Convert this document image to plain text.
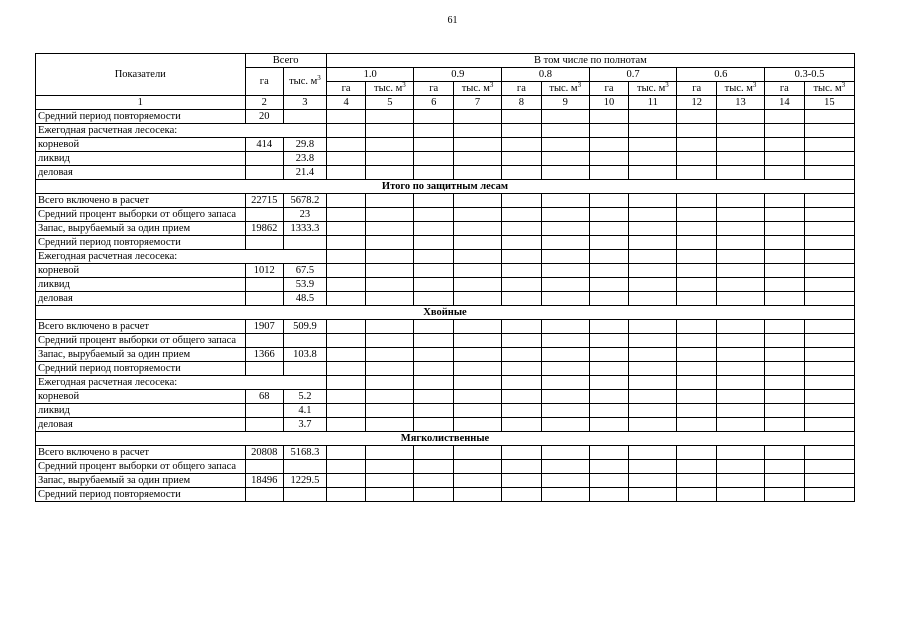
61
Показатели	Всего		В том числе по полнотам											
	га	тыс. $м^3$	1.0		0.9		0.8		0.7		0.6		0.3-0.5	
			га	тыс. $м^3$	га	тыс. $м^3$	га	тыс. $м^3$	га	тыс. $м^3$	га	тыс. $м^3$	га	тыс. $м^3$
1	2	3	4	5	6	7	8	9	10	11	12	13	14	15
Средний период повторяемости	20													
Ежегодная расчетная лесосека:														
корневой	414	29.8												
ликвид		23.8												
деловая		21.4												
Итого по защитным лесам														
Всего включено в расчет	22715	5678.2												
Средний процент выборки от общего запаса		23												
Запас, вырубаемый за один прием	19862	1333.3												
Средний период повторяемости														
Ежегодная расчетная лесосека:														
корневой	1012	67.5												
ликвид		53.9												
деловая		48.5												
Хвойные														
Всего включено в расчет	1907	509.9												
Средний процент выборки от общего запаса														
Запас, вырубаемый за один прием	1366	103.8												
Средний период повторяемости														
Ежегодная расчетная лесосека:														
корневой	68	5.2												
ликвид		4.1												
деловая		3.7												
Мягколиственные														
Всего включено в расчет	20808	5168.3												
Средний процент выборки от общего запаса														
Запас, вырубаемый за один прием	18496	1229.5												
Средний период повторяемости														
